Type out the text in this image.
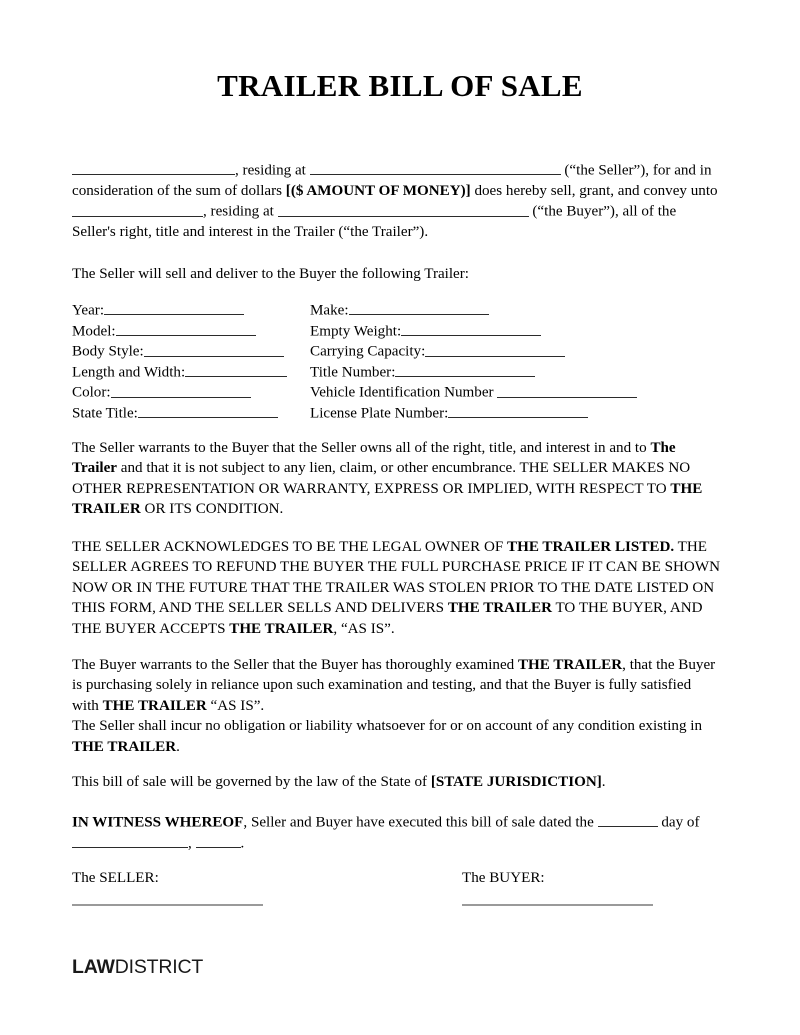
TRAILER BILL OF SALE

, residing at	(“the Seller”), for and in consideration of the sum of dollars [($ AMOUNT OF MONEY)] does hereby sell, grant, and convey unto , residing at	(“the Buyer”), all of the Seller's right, title and interest in the Trailer (“the Trailer”).

The Seller will sell and deliver to the Buyer the following Trailer:

Year:	Make:
Model:	Empty Weight:
Body Style:	Carrying Capacity:
Length and Width:	Title Number:
Color:	Vehicle Identification Number
State Title:	License Plate Number:

The Seller warrants to the Buyer that the Seller owns all of the right, title, and interest in and to The Trailer and that it is not subject to any lien, claim, or other encumbrance. THE SELLER MAKES NO OTHER REPRESENTATION OR WARRANTY, EXPRESS OR IMPLIED, WITH RESPECT TO THE TRAILER OR ITS CONDITION.

THE SELLER ACKNOWLEDGES TO BE THE LEGAL OWNER OF THE TRAILER LISTED. THE SELLER AGREES TO REFUND THE BUYER THE FULL PURCHASE PRICE IF IT CAN BE SHOWN NOW OR IN THE FUTURE THAT THE TRAILER WAS STOLEN PRIOR TO THE DATE LISTED ON THIS FORM, AND THE SELLER SELLS AND DELIVERS THE TRAILER TO THE BUYER, AND THE BUYER ACCEPTS THE TRAILER, “AS IS”.

The Buyer warrants to the Seller that the Buyer has thoroughly examined THE TRAILER, that the Buyer is purchasing solely in reliance upon such examination and testing, and that the Buyer is fully satisfied with THE TRAILER “AS IS”.

The Seller shall incur no obligation or liability whatsoever for or on account of any condition existing in THE TRAILER.

This bill of sale will be governed by the law of the State of [STATE JURISDICTION].

IN WITNESS WHEREOF, Seller and Buyer have executed this bill of sale dated the	day of ,	.

The SELLER:	The BUYER:
LAWDISTRICT
